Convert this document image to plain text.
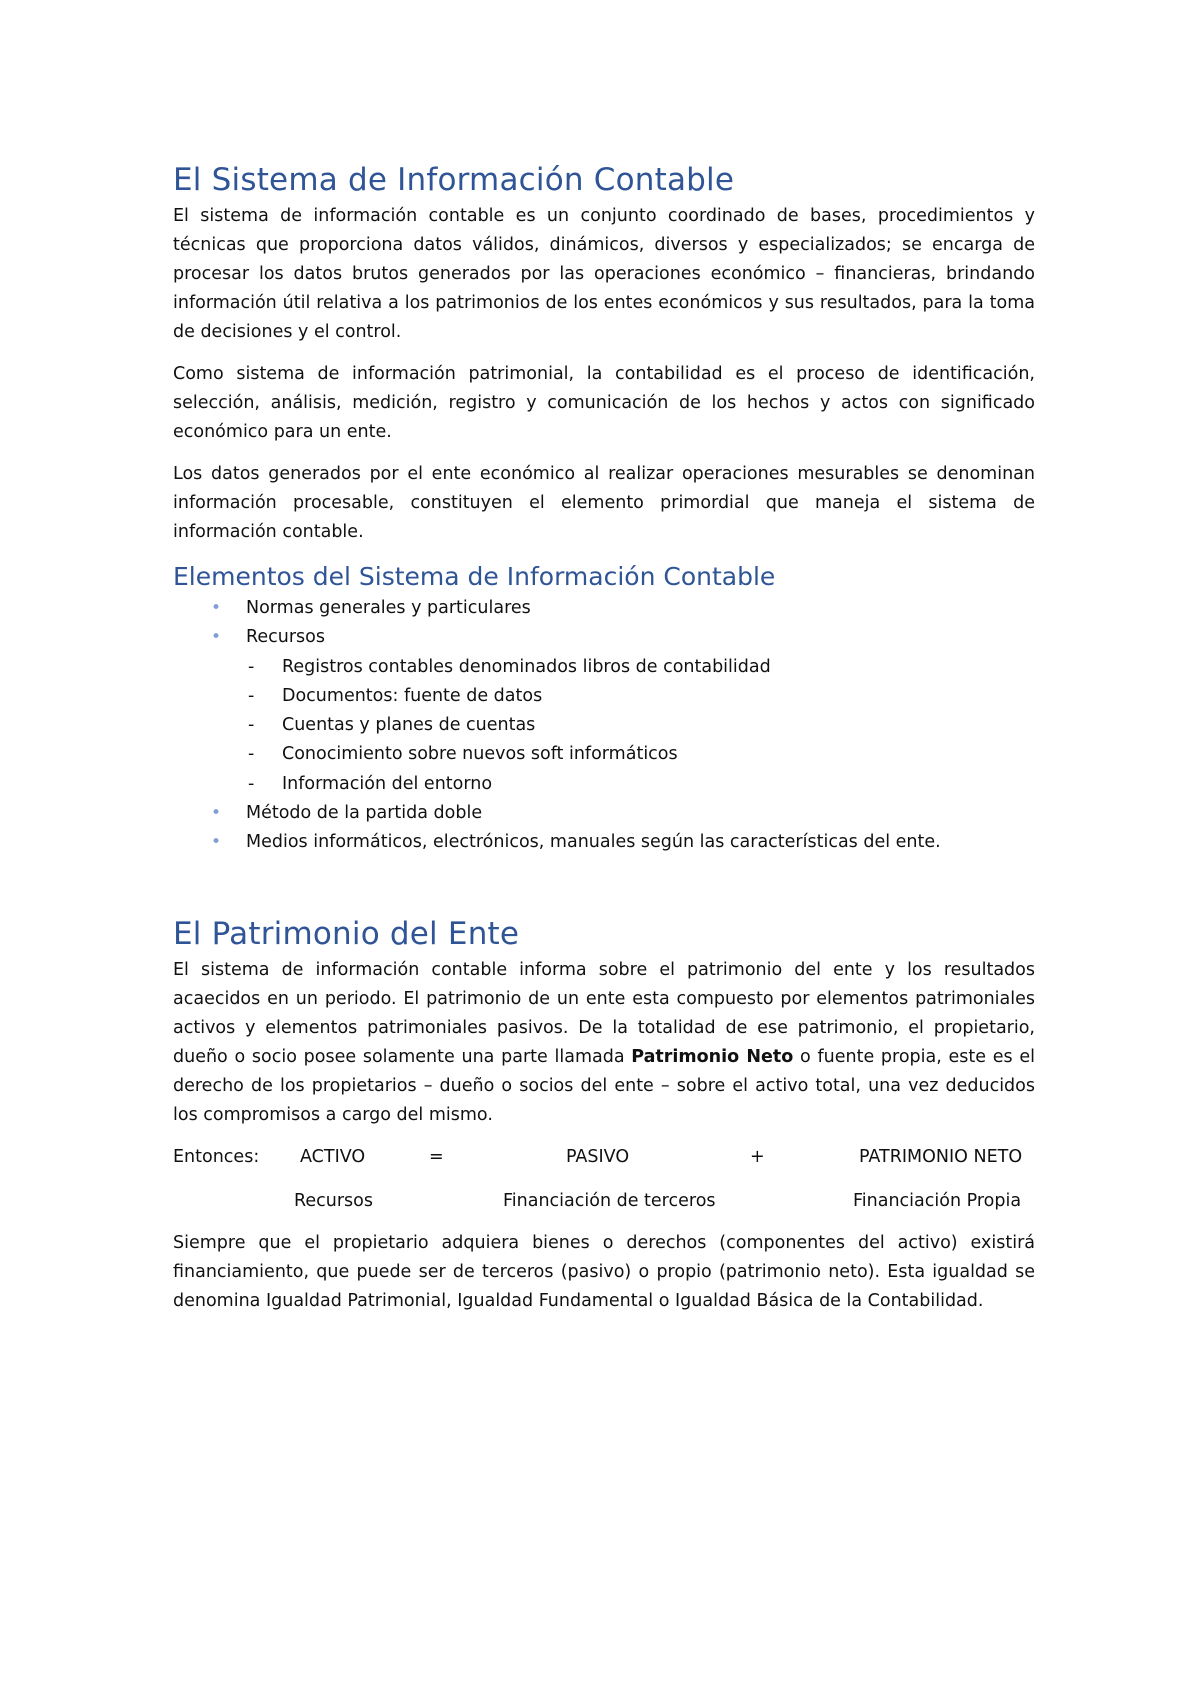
El Sistema de Información Contable

El sistema de información contable es un conjunto coordinado de bases, procedimientos y técnicas que proporciona datos válidos, dinámicos, diversos y especializados; se encarga de procesar los datos brutos generados por las operaciones económico – financieras, brindando información útil relativa a los patrimonios de los entes económicos y sus resultados, para la toma de decisiones y el control.

Como sistema de información patrimonial, la contabilidad es el proceso de identificación, selección, análisis, medición, registro y comunicación de los hechos y actos con significado económico para un ente.

Los datos generados por el ente económico al realizar operaciones mesurables se denominan información procesable, constituyen el elemento primordial que maneja el sistema de información contable.

Elementos del Sistema de Información Contable
• Normas generales y particulares
• Recursos
- Registros contables denominados libros de contabilidad
- Documentos: fuente de datos
- Cuentas y planes de cuentas
- Conocimiento sobre nuevos soft informáticos
- Información del entorno
• Método de la partida doble
• Medios informáticos, electrónicos, manuales según las características del ente.
El Patrimonio del Ente

El sistema de información contable informa sobre el patrimonio del ente y los resultados acaecidos en un periodo. El patrimonio de un ente esta compuesto por elementos patrimoniales activos y elementos patrimoniales pasivos. De la totalidad de ese patrimonio, el propietario, dueño o socio posee solamente una parte llamada Patrimonio Neto o fuente propia, este es el derecho de los propietarios – dueño o socios del ente – sobre el activo total, una vez deducidos los compromisos a cargo del mismo.

Entonces: ACTIVO	=	PASIVO	+	PATRIMONIO NETO
Recursos	Financiación de terceros	Financiación Propia

Siempre que el propietario adquiera bienes o derechos (componentes del activo) existirá financiamiento, que puede ser de terceros (pasivo) o propio (patrimonio neto). Esta igualdad se denomina Igualdad Patrimonial, Igualdad Fundamental o Igualdad Básica de la Contabilidad.
